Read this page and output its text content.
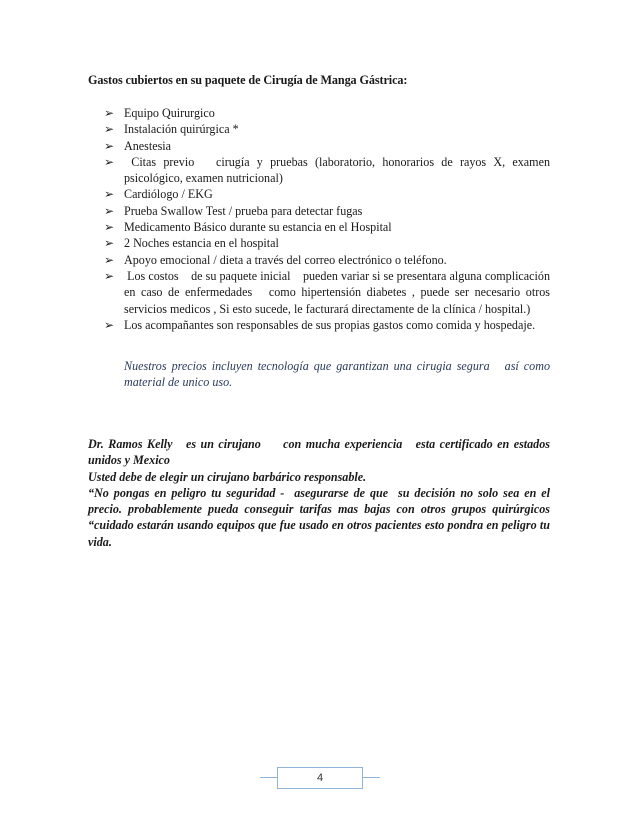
Gastos cubiertos en su paquete de Cirugía de Manga Gástrica:
➢ Equipo Quirurgico
➢ Instalación quirúrgica *
➢ Anestesia
➢ Citas previo   cirugía y pruebas (laboratorio, honorarios de rayos X, examen psicológico, examen nutricional)
➢ Cardiólogo / EKG
➢ Prueba Swallow Test / prueba para detectar fugas
➢ Medicamento Básico durante su estancia en el Hospital
➢ 2 Noches estancia en el hospital
➢ Apoyo emocional / dieta a través del correo electrónico o teléfono.
➢ Los costos    de su paquete inicial    pueden variar si se presentara alguna complicación   en caso de enfermedades   como hipertensión diabetes , puede ser necesario otros servicios medicos , Si esto sucede, le facturará directamente de la clínica / hospital.)
➢ Los acompañantes son responsables de sus propias gastos como comida y hospedaje.
Nuestros precios incluyen tecnología que garantizan una cirugia segura   así como material de unico uso.

Dr. Ramos Kelly   es un cirujano     con mucha experiencia   esta certificado en estados unidos y Mexico

Usted debe de elegir un cirujano barbárico responsable.

“No pongas en peligro tu seguridad -  asegurarse de que  su decisión no solo sea en el precio. probablemente pueda conseguir tarifas mas bajas con otros grupos quirúrgicos “cuidado estarán usando equipos que fue usado en otros pacientes esto pondra en peligro tu vida.

4
